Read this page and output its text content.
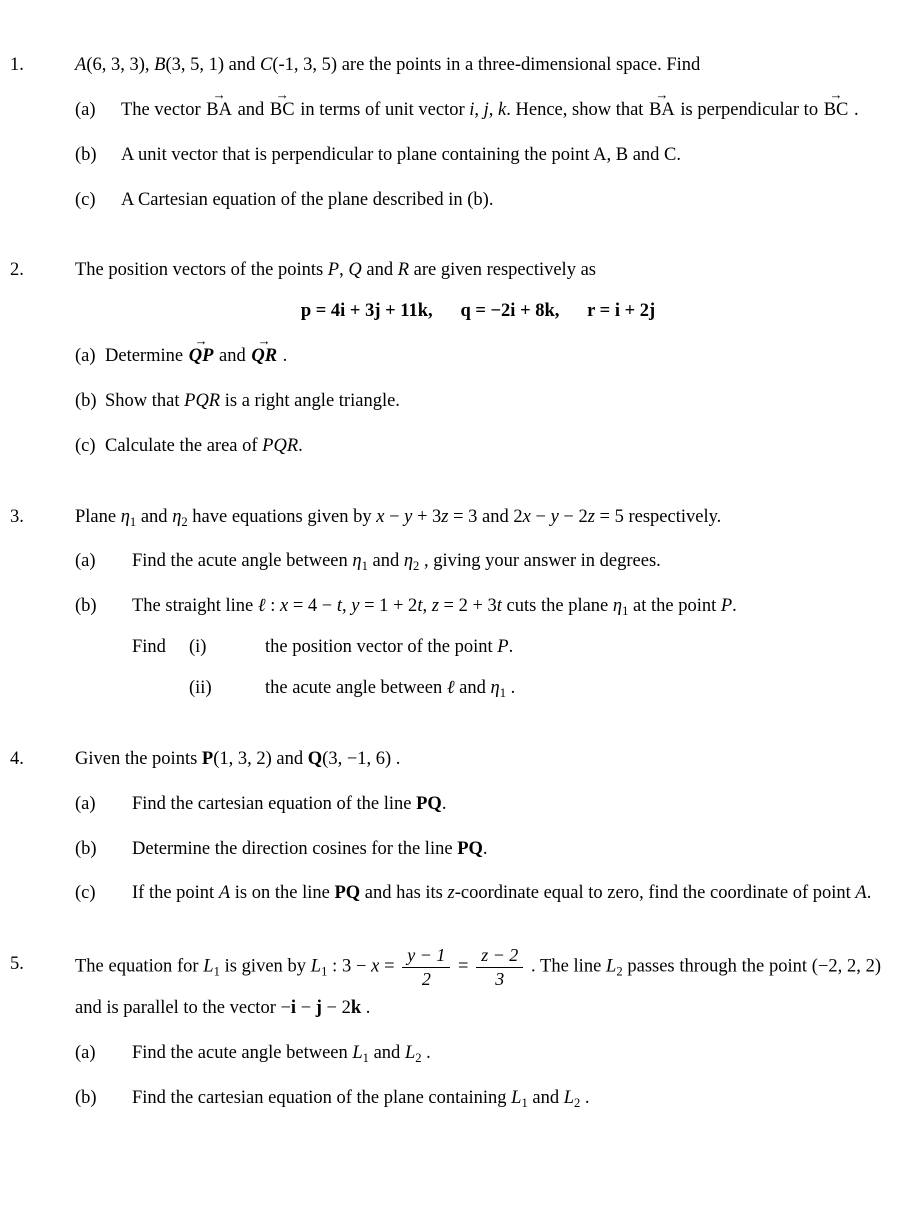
1.	A(6, 3, 3), B(3, 5, 1) and C(-1, 3, 5) are the points in a three-dimensional space. Find
(a)	The vector → BA and → BC in terms of unit vector i, j, k. Hence, show that → BA is perpendicular to → BC .
(b)	A unit vector that is perpendicular to plane containing the point A, B and C.
(c)	A Cartesian equation of the plane described in (b).
2.	The position vectors of the points P, Q and R are given respectively as
p = 4i + 3j + 11k, q = −2i + 8k, r = i + 2j
(a) Determine → QP and → QR .
(b) Show that PQR is a right angle triangle.
(c) Calculate the area of PQR.
3.	Plane $\eta_1$ and $\eta_2$ have equations given by x − y + 3z = 3 and 2x − y − 2z = 5 respectively.
(a)	Find the acute angle between $\eta_1$ and $\eta_2$ , giving your answer in degrees.
(b)	The straight line ℓ : x = 4 − t, y = 1 + 2t, z = 2 + 3t cuts the plane $\eta_1$ at the point P.
Find	(i)	the position vector of the point P.
(ii)	the acute angle between ℓ and $\eta_1$ .
4.	Given the points P(1, 3, 2) and Q(3, −1, 6) .
(a)	Find the cartesian equation of the line PQ.
(b)	Determine the direction cosines for the line PQ.
(c)	If the point A is on the line PQ and has its z-coordinate equal to zero, find the coordinate of point A.
5.	The equation for $L_1$ is given by $L_1$ : $3 - x = \frac{y - 1}{2} = \frac{z - 2}{3}$ . The line $L_2$ passes through the point (−2, 2, 2) and is parallel to the vector −i − j − 2k .
(a)	Find the acute angle between $L_1$ and $L_2$ .
(b)	Find the cartesian equation of the plane containing $L_1$ and $L_2$ .
